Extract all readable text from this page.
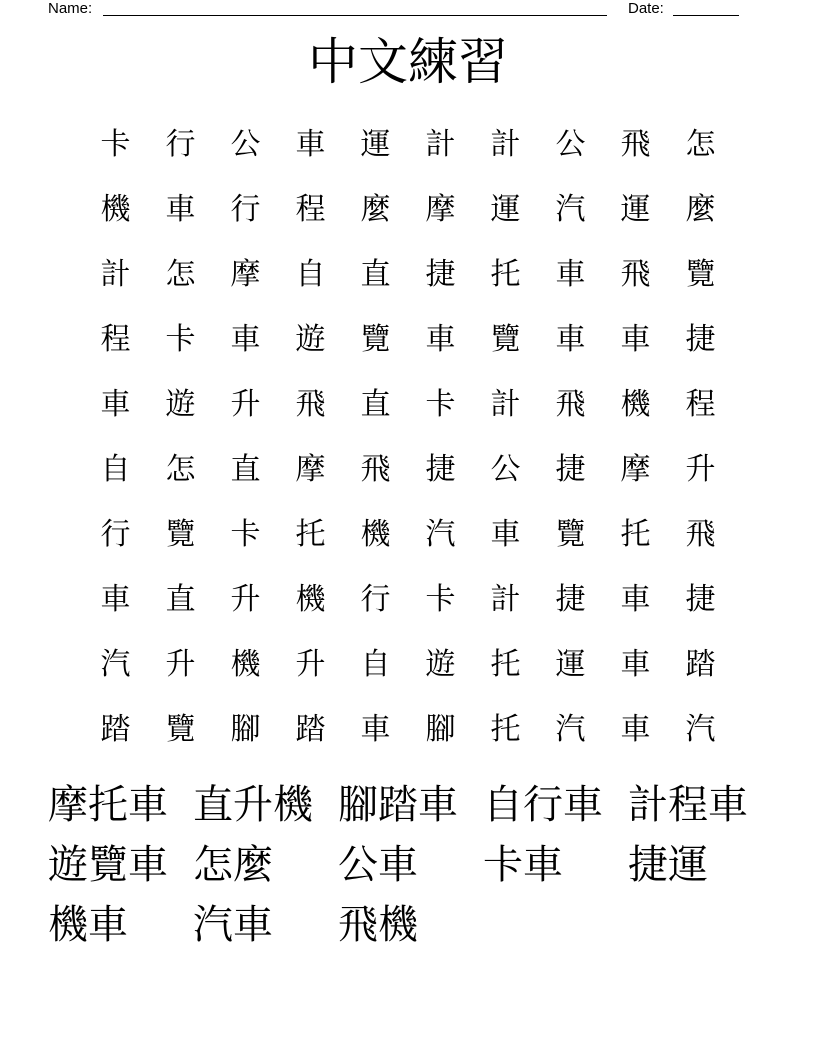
Name:	Date:
中文練習
卡	行	公	車	運	計	計	公	飛	怎
機	車	行	程	麼	摩	運	汽	運	麼
計	怎	摩	自	直	捷	托	車	飛	覽
程	卡	車	遊	覽	車	覽	車	車	捷
車	遊	升	飛	直	卡	計	飛	機	程
自	怎	直	摩	飛	捷	公	捷	摩	升
行	覽	卡	托	機	汽	車	覽	托	飛
車	直	升	機	行	卡	計	捷	車	捷
汽	升	機	升	自	遊	托	運	車	踏
踏	覽	腳	踏	車	腳	托	汽	車	汽
摩托車 直升機 腳踏車 自行車 計程車
遊覽車 怎麼	公車	卡車	捷運
機車	汽車	飛機
